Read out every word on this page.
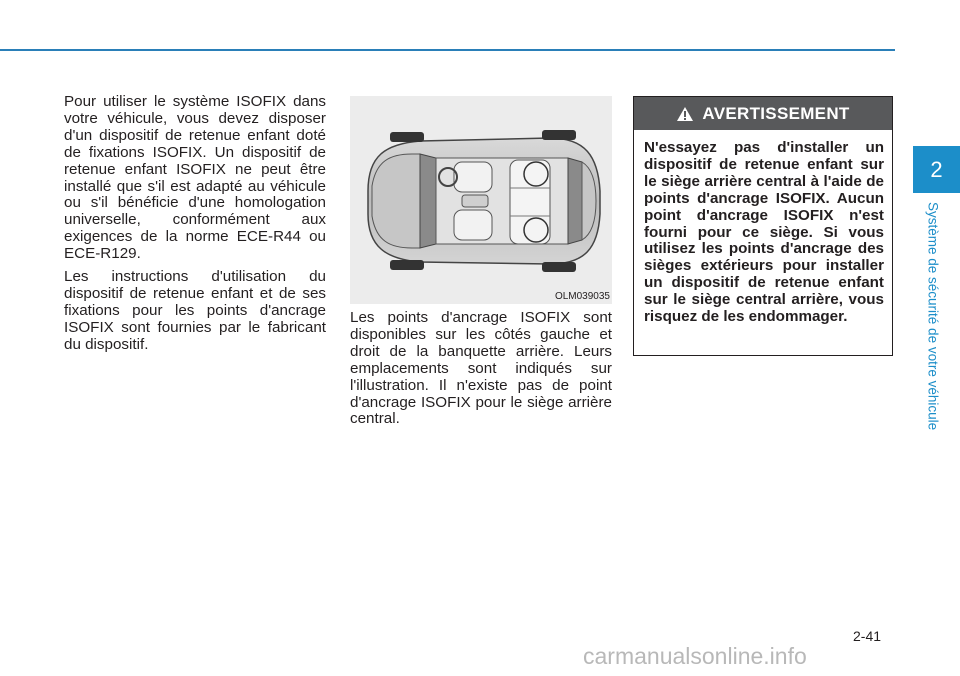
Pour utiliser le système ISOFIX dans votre véhicule, vous devez disposer d'un dispositif de retenue enfant doté de fixations ISOFIX. Un dispositif de retenue enfant ISOFIX ne peut être installé que s'il est adapté au véhicule ou s'il bénéficie d'une homologation universelle, conformément aux exigences de la norme ECE-R44 ou ECE-R129.

Les instructions d'utilisation du dispositif de retenue enfant et de ses fixations pour les points d'ancrage ISOFIX sont fournies par le fabricant du dispositif.

OLM039035

Les points d'ancrage ISOFIX sont disponibles sur les côtés gauche et droit de la banquette arrière. Leurs emplacements sont indiqués sur l'illustration. Il n'existe pas de point d'ancrage ISOFIX pour le siège arrière central.

AVERTISSEMENT
N'essayez pas d'installer un dispositif de retenue enfant sur le siège arrière central à l'aide de points d'ancrage ISOFIX. Aucun point d'ancrage ISOFIX n'est fourni pour ce siège. Si vous utilisez les points d'ancrage des sièges extérieurs pour installer un dispositif de retenue enfant sur le siège central arrière, vous risquez de les endommager.
2
Système de sécurité de votre véhicule
2-41
carmanualsonline.info
